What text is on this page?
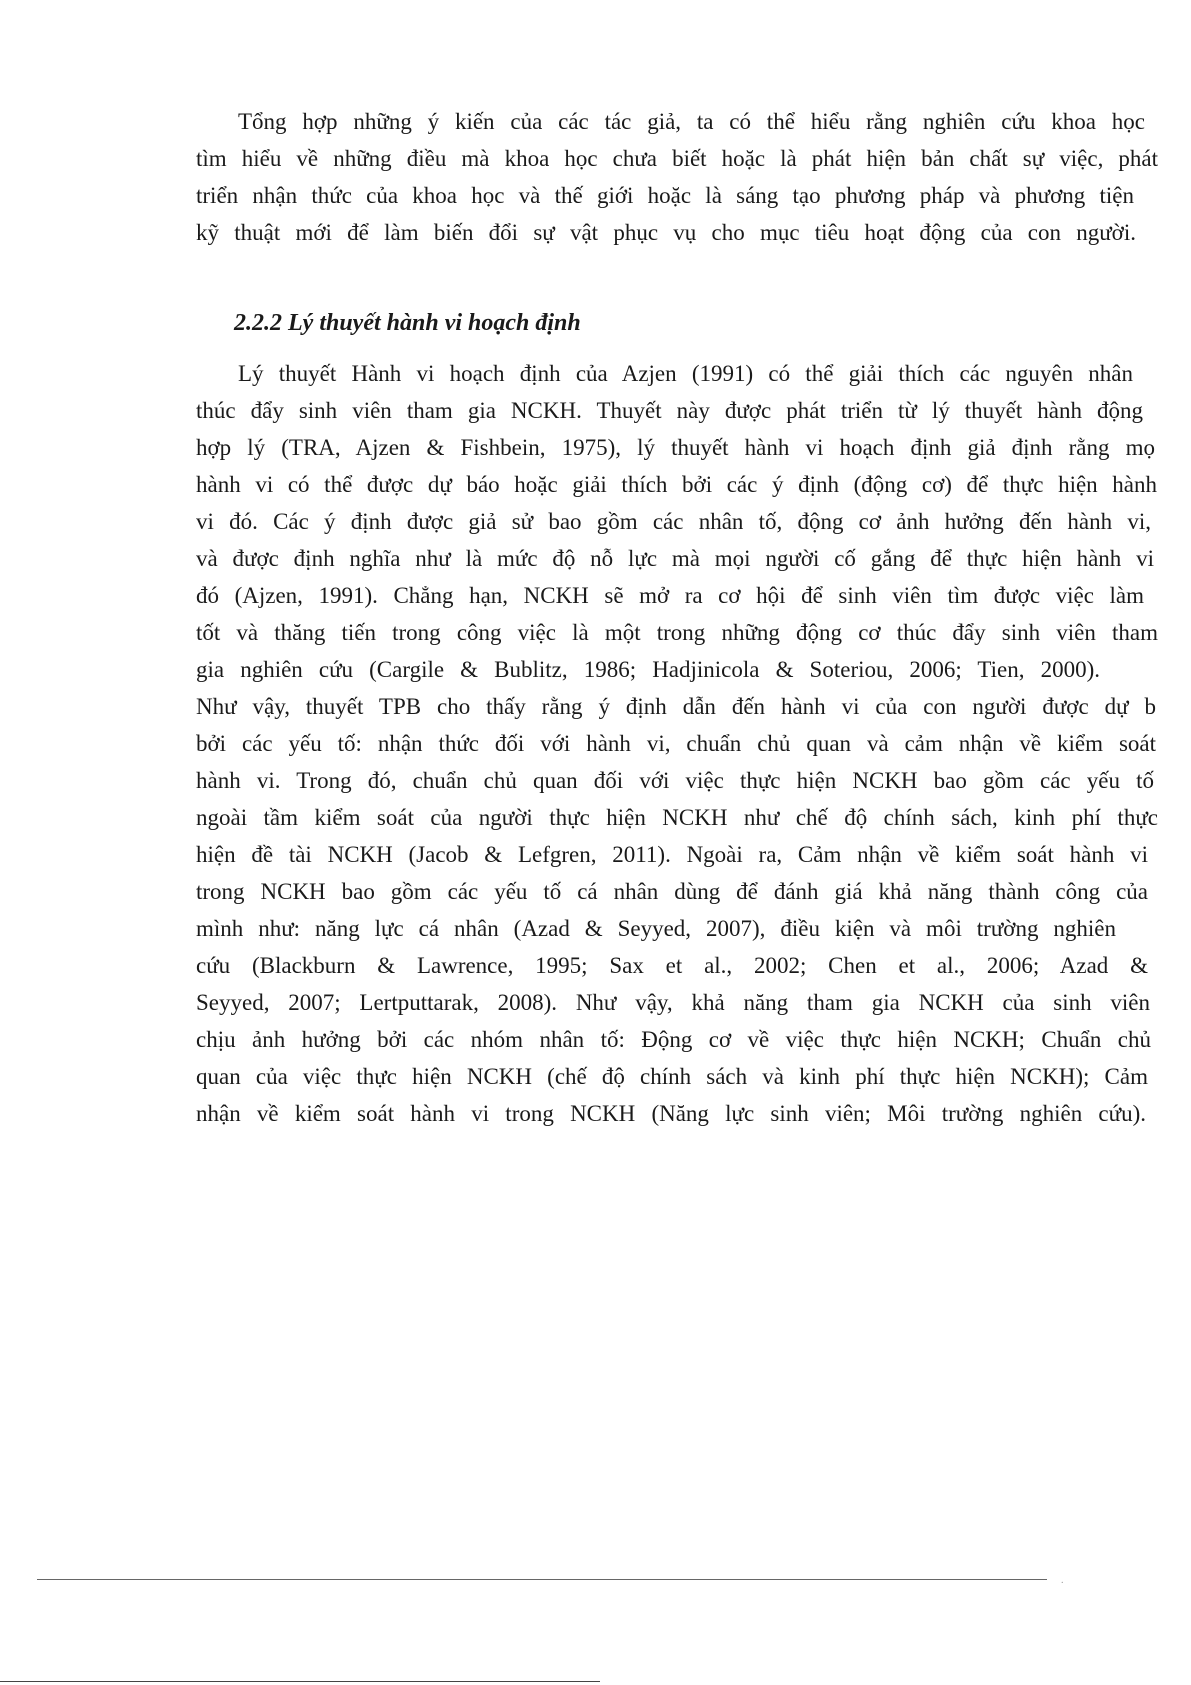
Tổng hợp những ý kiến của các tác giả, ta có thể hiểu rằng nghiên cứu khoa học
tìm hiểu về những điều mà khoa học chưa biết hoặc là phát hiện bản chất sự việc, phát
triển nhận thức của khoa học và thế giới hoặc là sáng tạo phương pháp và phương tiện
kỹ thuật mới để làm biến đổi sự vật phục vụ cho mục tiêu hoạt động của con người.
2.2.2 Lý thuyết hành vi hoạch định
Lý thuyết Hành vi hoạch định của Azjen (1991) có thể giải thích các nguyên nhân
thúc đẩy sinh viên tham gia NCKH. Thuyết này được phát triển từ lý thuyết hành động
hợp lý (TRA, Ajzen & Fishbein, 1975), lý thuyết hành vi hoạch định giả định rằng mọ
hành vi có thể được dự báo hoặc giải thích bởi các ý định (động cơ) để thực hiện hành
vi đó. Các ý định được giả sử bao gồm các nhân tố, động cơ ảnh hưởng đến hành vi,
và được định nghĩa như là mức độ nỗ lực mà mọi người cố gắng để thực hiện hành vi
đó (Ajzen, 1991). Chẳng hạn, NCKH sẽ mở ra cơ hội để sinh viên tìm được việc làm
tốt và thăng tiến trong công việc là một trong những động cơ thúc đẩy sinh viên tham
gia nghiên cứu (Cargile & Bublitz, 1986; Hadjinicola & Soteriou, 2006; Tien, 2000).
Như vậy, thuyết TPB cho thấy rằng ý định dẫn đến hành vi của con người được dự b
bởi các yếu tố: nhận thức đối với hành vi, chuẩn chủ quan và cảm nhận về kiểm soát
hành vi. Trong đó, chuẩn chủ quan đối với việc thực hiện NCKH bao gồm các yếu tố
ngoài tầm kiểm soát của người thực hiện NCKH như chế độ chính sách, kinh phí thực
hiện đề tài NCKH (Jacob & Lefgren, 2011). Ngoài ra, Cảm nhận về kiểm soát hành vi
trong NCKH bao gồm các yếu tố cá nhân dùng để đánh giá khả năng thành công của
mình như: năng lực cá nhân (Azad & Seyyed, 2007), điều kiện và môi trường nghiên
cứu (Blackburn & Lawrence, 1995; Sax et al., 2002; Chen et al., 2006; Azad &
Seyyed, 2007; Lertputtarak, 2008). Như vậy, khả năng tham gia NCKH của sinh viên
chịu ảnh hưởng bởi các nhóm nhân tố: Động cơ về việc thực hiện NCKH; Chuẩn chủ
quan của việc thực hiện NCKH (chế độ chính sách và kinh phí thực hiện NCKH); Cảm
nhận về kiểm soát hành vi trong NCKH (Năng lực sinh viên; Môi trường nghiên cứu).
.
